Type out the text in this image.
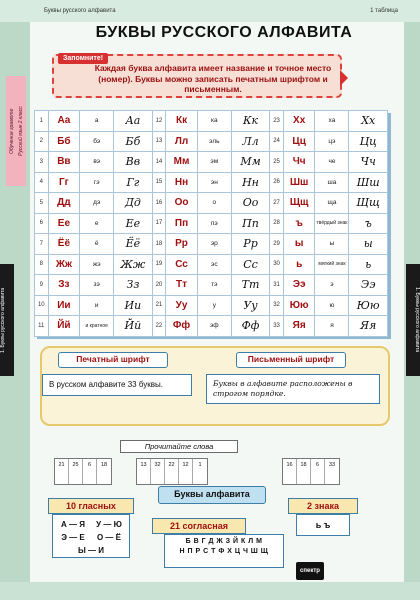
Буквы русского алфавита	1 таблица
Обучение грамоте Русский язык 2 класс
1. Буквы русского алфавита	1. Буквы русского алфавита
БУКВЫ РУССКОГО АЛФАВИТА
Запомните!
Каждая буква алфавита имеет название и точное место (номер). Буквы можно записать печатным шрифтом и письменным.
1	Аа	а	Аа	12	Кк	ка	Кк	23	Хх	ха	Хх
2	Бб	бэ	Бб	13	Лл	эль	Лл	24	Цц	цэ	Цц
3	Вв	вэ	Вв	14	Мм	эм	Мм	25	Чч	че	Чч
4	Гг	гэ	Гг	15	Нн	эн	Нн	26	Шш	ша	Шш
5	Дд	дэ	Дд	16	Оо	о	Оо	27	Щщ	ща	Щщ
6	Ее	е	Ее	17	Пп	пэ	Пп	28	ъ	твёрдый знак	ъ
7	Ёё	ё	Ёё	18	Рр	эр	Рр	29	ы	ы	ы
8	Жж	жэ	Жж	19	Сс	эс	Сс	30	ь	мягкий знак	ь
9	Зз	зэ	Зз	20	Тт	тэ	Тт	31	Ээ	э	Ээ
10	Ии	и	Ии	21	Уу	у	Уу	32	Юю	ю	Юю
11	Йй	и кратное	Йй	22	Фф	эф	Фф	33	Яя	я	Яя
Печатный шрифт	Письменный шрифт
В русском алфавите 33 буквы.	Буквы в алфавите расположены в строгом порядке.
Прочитайте слова
21	25	6	18	13	32	22	12	1	16	18	6	33
Буквы алфавита
10 гласных
А — Я У — ЮЭ — Е О — ЁЫ — И
21 согласная
Б В Г Д Ж З Й К Л М
Н П Р С Т Ф Х Ц Ч Ш Щ
2 знака
ь ъ
спектр
